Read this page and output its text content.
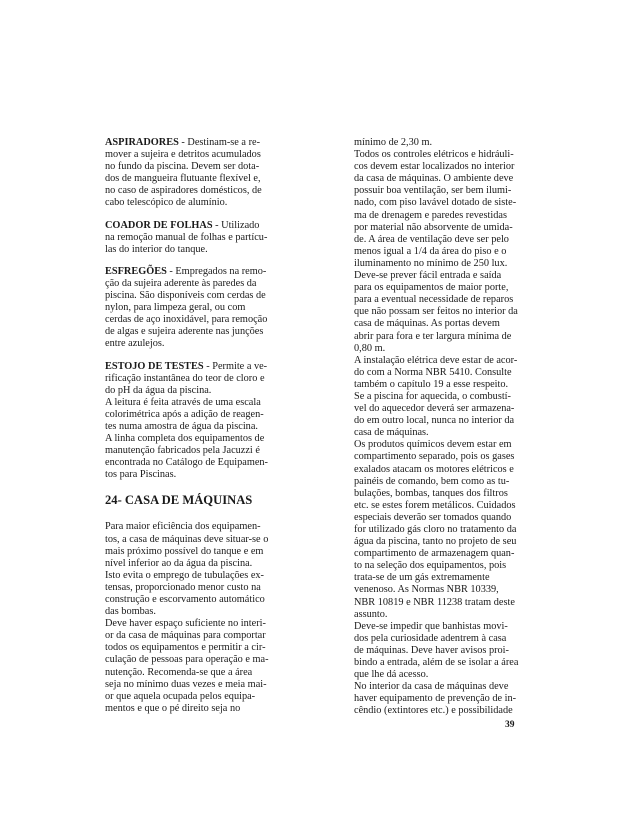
ASPIRADORES - Destinam-se a re-
mover a sujeira e detritos acumulados
no fundo da piscina. Devem ser dota-
dos de mangueira flutuante flexível e,
no caso de aspiradores domésticos, de
cabo telescópico de alumínio.
COADOR DE FOLHAS - Utilizado
na remoção manual de folhas e partícu-
las do interior do tanque.
ESFREGÕES - Empregados na remo-
ção da sujeira aderente às paredes da
piscina. São disponíveis com cerdas de
nylon, para limpeza geral, ou com
cerdas de aço inoxidável, para remoção
de algas e sujeira aderente nas junções
entre azulejos.
ESTOJO DE TESTES - Permite a ve-
rificação instantânea do teor de cloro e
do pH da água da piscina.
A leitura é feita através de uma escala
colorimétrica após a adição de reagen-
tes numa amostra de água da piscina.
A linha completa dos equipamentos de
manutenção fabricados pela Jacuzzi é
encontrada no Catálogo de Equipamen-
tos para Piscinas.
24- CASA DE MÁQUINAS
Para maior eficiência dos equipamen-
tos, a casa de máquinas deve situar-se o
mais próximo possível do tanque e em
nível inferior ao da água da piscina.
Isto evita o emprego de tubulações ex-
tensas, proporcionado menor custo na
construção e escorvamento automático
das bombas.
Deve haver espaço suficiente no interi-
or da casa de máquinas para comportar
todos os equipamentos e permitir a cir-
culação de pessoas para operação e ma-
nutenção. Recomenda-se que a área
seja no mínimo duas vezes e meia mai-
or que aquela ocupada pelos equipa-
mentos e que o pé direito seja no
mínimo de 2,30 m.
Todos os controles elétricos e hidráuli-
cos devem estar localizados no interior
da casa de máquinas. O ambiente deve
possuir boa ventilação, ser bem ilumi-
nado, com piso lavável dotado de siste-
ma de drenagem e paredes revestidas
por material não absorvente de umida-
de. A área de ventilação deve ser pelo
menos igual a 1/4 da área do piso e o
iluminamento no mínimo de 250 lux.
Deve-se prever fácil entrada e saída
para os equipamentos de maior porte,
para a eventual necessidade de reparos
que não possam ser feitos no interior da
casa de máquinas. As portas devem
abrir para fora e ter largura mínima de
0,80 m.
A instalação elétrica deve estar de acor-
do com a Norma NBR 5410. Consulte
também o capítulo 19 a esse respeito.
Se a piscina for aquecida, o combustí-
vel do aquecedor deverá ser armazena-
do em outro local, nunca no interior da
casa de máquinas.
Os produtos químicos devem estar em
compartimento separado, pois os gases
exalados atacam os motores elétricos e
painéis de comando, bem como as tu-
bulações, bombas, tanques dos filtros
etc. se estes forem metálicos. Cuidados
especiais deverão ser tomados quando
for utilizado gás cloro no tratamento da
água da piscina, tanto no projeto de seu
compartimento de armazenagem quan-
to na seleção dos equipamentos, pois
trata-se de um gás extremamente
venenoso. As Normas NBR 10339,
NBR 10819 e NBR 11238 tratam deste
assunto.
Deve-se impedir que banhistas movi-
dos pela curiosidade adentrem à casa
de máquinas. Deve haver avisos proi-
bindo a entrada, além de se isolar a área
que lhe dá acesso.
No interior da casa de máquinas deve
haver equipamento de prevenção de in-
cêndio (extintores etc.) e possibilidade
39
